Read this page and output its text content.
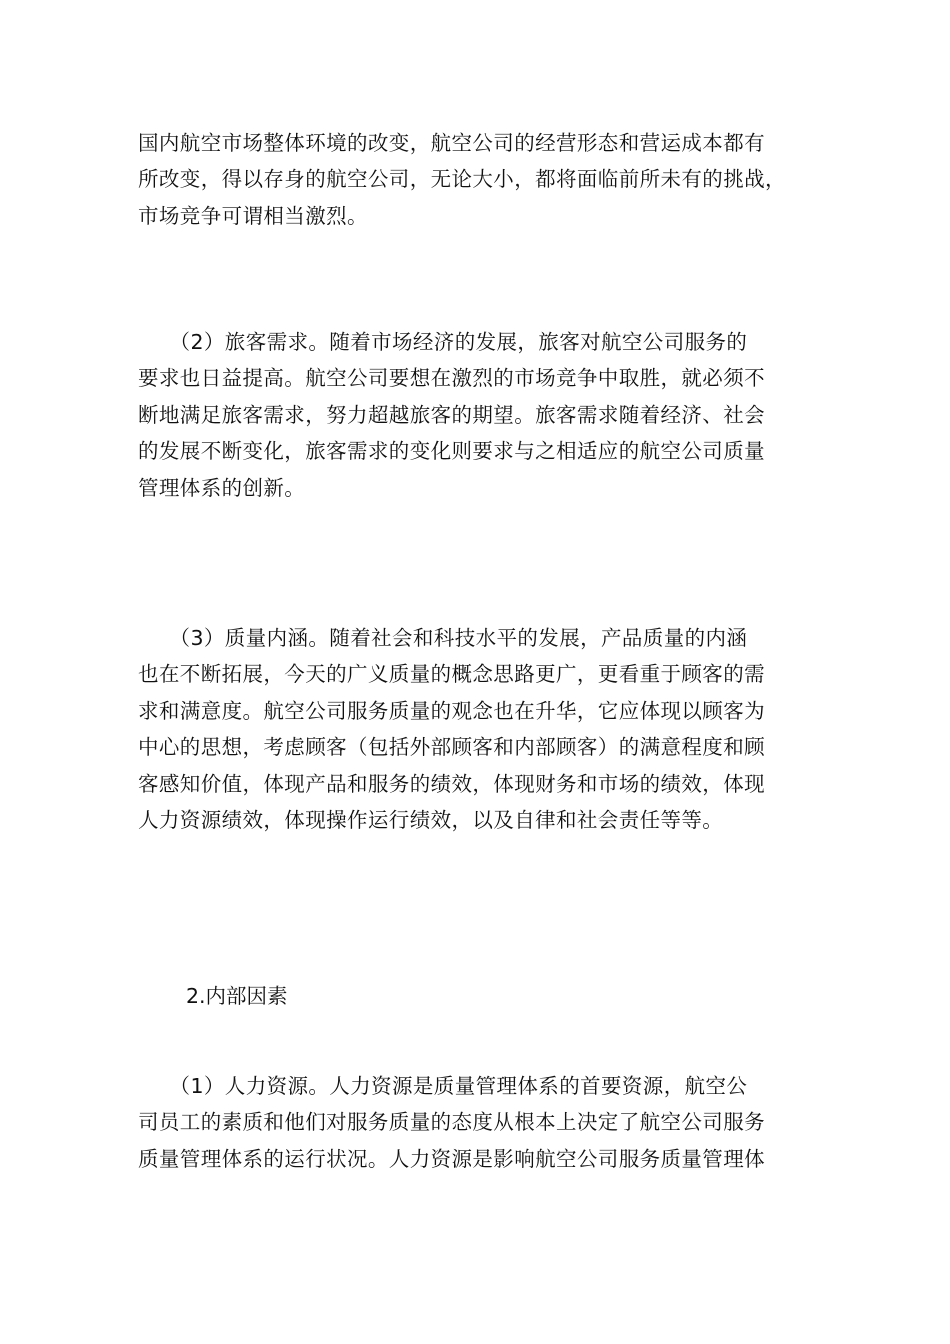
国内航空市场整体环境的改变，航空公司的经营形态和营运成本都有
所改变，得以存身的航空公司，无论大小，都将面临前所未有的挑战，
市场竞争可谓相当激烈。
　　（2）旅客需求。随着市场经济的发展，旅客对航空公司服务的
要求也日益提高。航空公司要想在激烈的市场竞争中取胜，就必须不
断地满足旅客需求，努力超越旅客的期望。旅客需求随着经济、社会
的发展不断变化，旅客需求的变化则要求与之相适应的航空公司质量
管理体系的创新。
　　（3）质量内涵。随着社会和科技水平的发展，产品质量的内涵
也在不断拓展，今天的广义质量的概念思路更广，更看重于顾客的需
求和满意度。航空公司服务质量的观念也在升华，它应体现以顾客为
中心的思想，考虑顾客（包括外部顾客和内部顾客）的满意程度和顾
客感知价值，体现产品和服务的绩效，体现财务和市场的绩效，体现
人力资源绩效，体现操作运行绩效，以及自律和社会责任等等。
2.内部因素
　　（1）人力资源。人力资源是质量管理体系的首要资源，航空公
司员工的素质和他们对服务质量的态度从根本上决定了航空公司服务
质量管理体系的运行状况。人力资源是影响航空公司服务质量管理体
